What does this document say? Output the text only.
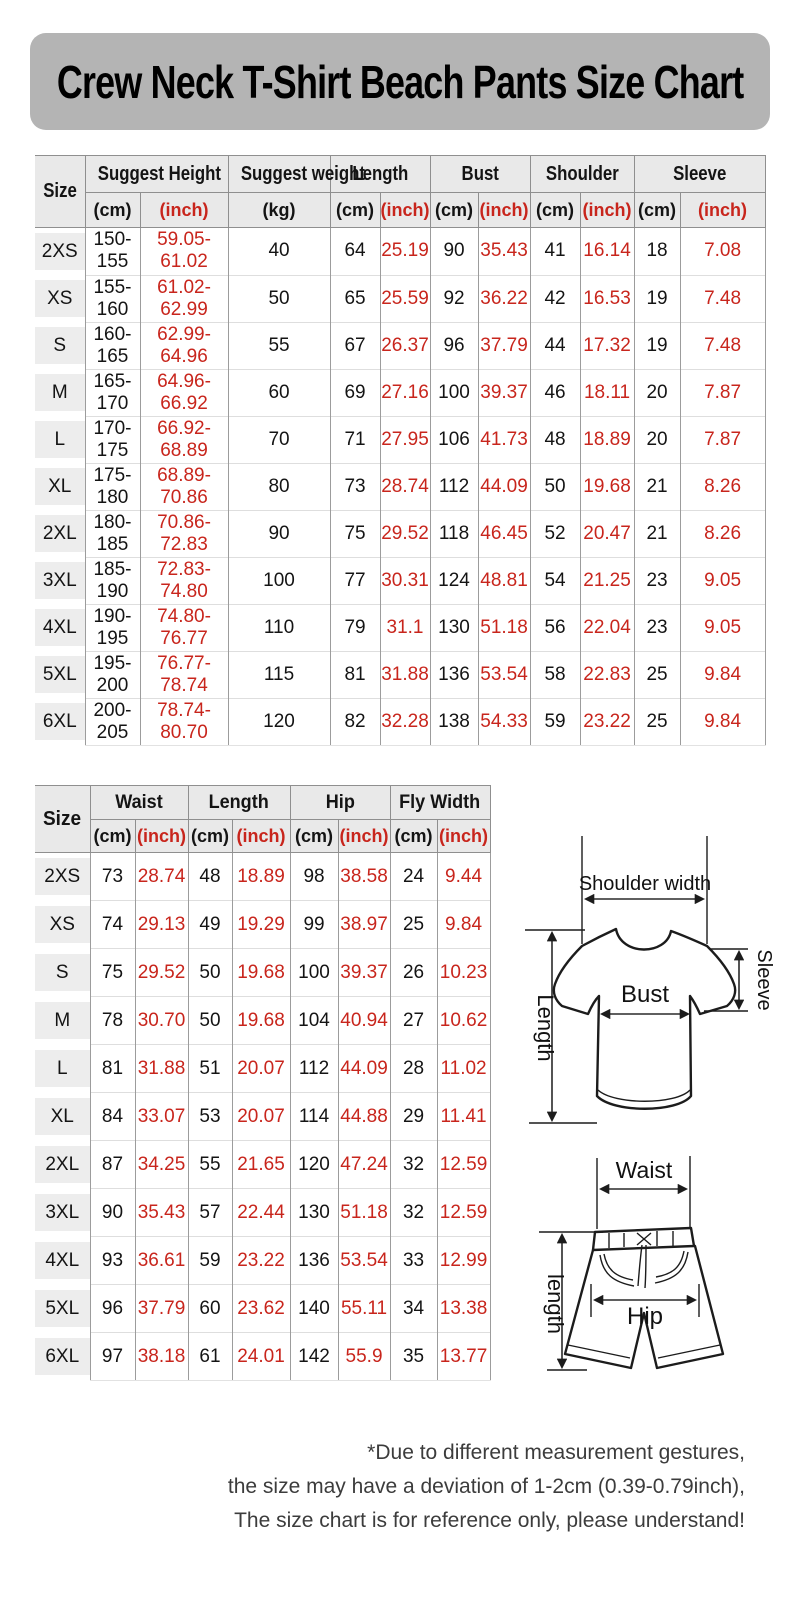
Crew Neck T-Shirt Beach Pants Size Chart
Size	Suggest Height		Suggest weight	Length		Bust		Shoulder		Sleeve	
	(cm)	(inch)	(kg)	(cm)	(inch)	(cm)	(inch)	(cm)	(inch)	(cm)	(inch)

2XS	150-155	59.05-61.02	40	64	25.19	90	35.43	41	16.14	18	7.08

XS	155-160	61.02-62.99	50	65	25.59	92	36.22	42	16.53	19	7.48

S	160-165	62.99-64.96	55	67	26.37	96	37.79	44	17.32	19	7.48

M	165-170	64.96-66.92	60	69	27.16	100	39.37	46	18.11	20	7.87

L	170-175	66.92-68.89	70	71	27.95	106	41.73	48	18.89	20	7.87

XL	175-180	68.89-70.86	80	73	28.74	112	44.09	50	19.68	21	8.26

2XL	180-185	70.86-72.83	90	75	29.52	118	46.45	52	20.47	21	8.26

3XL	185-190	72.83-74.80	100	77	30.31	124	48.81	54	21.25	23	9.05

4XL	190-195	74.80-76.77	110	79	31.1	130	51.18	56	22.04	23	9.05

5XL	195-200	76.77-78.74	115	81	31.88	136	53.54	58	22.83	25	9.84

6XL	200-205	78.74-80.70	120	82	32.28	138	54.33	59	23.22	25	9.84
Size	Waist		Length		Hip		Fly Width	
	(cm)	(inch)	(cm)	(inch)	(cm)	(inch)	(cm)	(inch)

2XS	73	28.74	48	18.89	98	38.58	24	9.44

XS	74	29.13	49	19.29	99	38.97	25	9.84

S	75	29.52	50	19.68	100	39.37	26	10.23

M	78	30.70	50	19.68	104	40.94	27	10.62

L	81	31.88	51	20.07	112	44.09	28	11.02

XL	84	33.07	53	20.07	114	44.88	29	11.41

2XL	87	34.25	55	21.65	120	47.24	32	12.59

3XL	90	35.43	57	22.44	130	51.18	32	12.59

4XL	93	36.61	59	23.22	136	53.54	33	12.99

5XL	96	37.79	60	23.62	140	55.11	34	13.38

6XL	97	38.18	61	24.01	142	55.9	35	13.77
Shoulder width
Length	Bust	Sleeve
Waist
Hip
length
*Due to different measurement gestures,
the size may have a deviation of 1-2cm (0.39-0.79inch),
The size chart is for reference only, please understand!
